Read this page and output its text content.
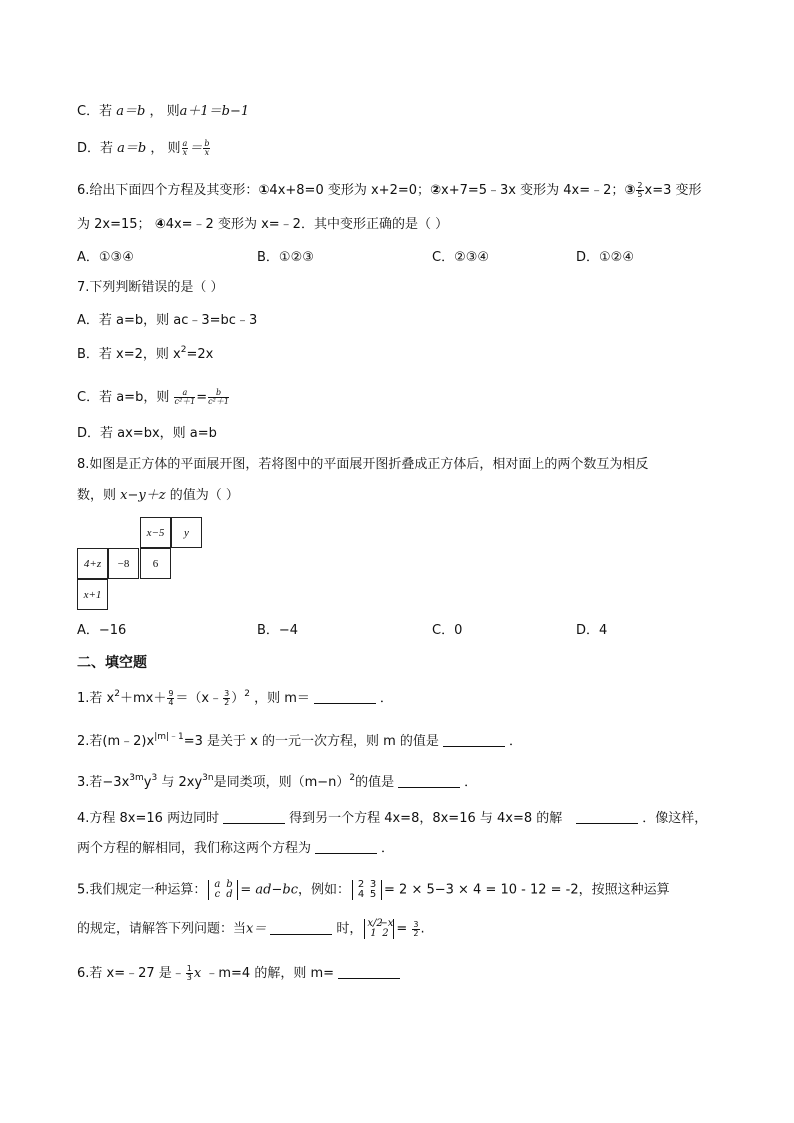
C．若 a＝b ， 则a＋1＝b−1
D．若 a＝b ， 则 $\frac{a}{x} = \frac{b}{x}$
6.给出下面四个方程及其变形：①4x+8=0 变形为 x+2=0；②x+7=5﹣3x 变形为 4x=﹣2；③ $\frac{2}{5} x=3$ 变形
为 2x=15； ④4x=﹣2 变形为 x=﹣2．其中变形正确的是（ ）
A．①③④	B．①②③	C．②③④	D．①②④
7.下列判断错误的是（ ）
A．若 a=b，则 ac﹣3=bc﹣3
B．若 x=2，则 $x^2=2x$
C．若 a=b，则 $\frac{a}{\text{c²＋1}} = \frac{b}{\text{c²＋1}}$
D．若 ax=bx，则 a=b
8.如图是正方体的平面展开图，若将图中的平面展开图折叠成正方体后，相对面上的两个数互为相反
数，则 x−y＋z 的值为（ ）
x−5	y
4+z	−8	6
x+1
A．−16	B．−4	C．0	D．4
二、填空题
1.若 $x^2+mx+ \frac{9}{4}$ ＝（x﹣ $\frac{3}{2} )^2$ ，则 m＝	．
2.若$(m﹣2)x^{|m|﹣1}=3$ 是关于 x 的一元一次方程，则 m 的值是	．
3.若$-3x^{3m}y^3$ 与 $2xy^{3n}$是同类项，则$(m-n)^2$的值是	．
4.方程 8x=16 两边同时	得到另一个方程 4x=8，8x=16 与 4x=8 的解	．像这样，
两个方程的解相同，我们称这两个方程为	．
5.我们规定一种运算： a b
c d = ad−bc，例如： 2 3
4 5 = 2 × 5−3 × 4 = 10 - 12 = -2，按照这种运算
的规定，请解答下列问题：当x＝	时， x/2−x
1 $2 = \frac{3}{2}$ .
6.若 x=﹣27 是﹣ $\frac{1}{3}$ x ﹣m=4 的解，则 m=
